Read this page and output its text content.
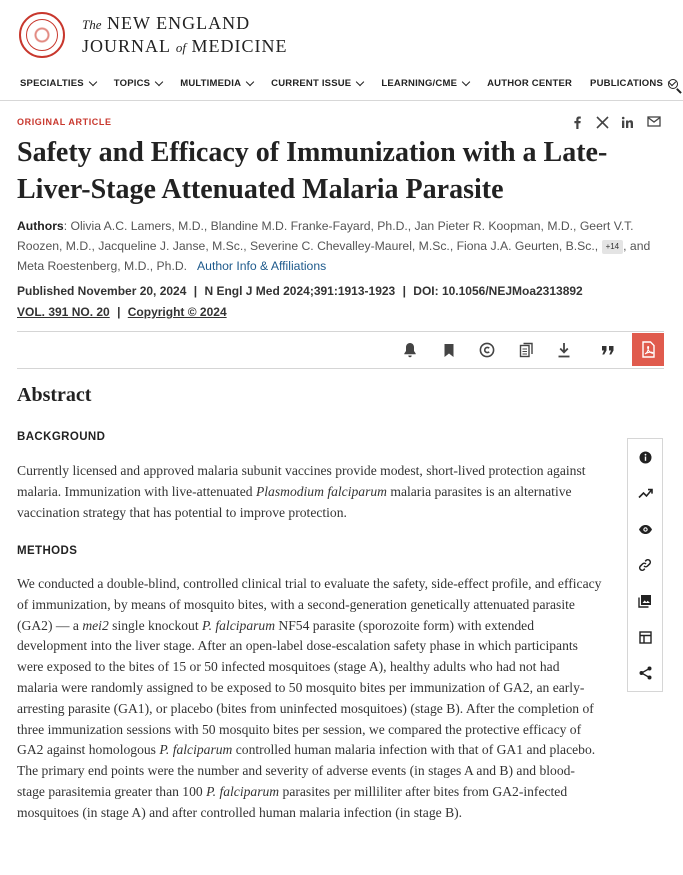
The NEW ENGLAND
JOURNAL of MEDICINE
SPECIALTIES	TOPICS	MULTIMEDIA	CURRENT ISSUE	LEARNING/CME	AUTHOR CENTER PUBLICATIONS
ORIGINAL ARTICLE
Safety and Efficacy of Immunization with a Late-Liver-Stage Attenuated Malaria Parasite
Authors: Olivia A.C. Lamers, M.D., Blandine M.D. Franke-Fayard, Ph.D., Jan Pieter R. Koopman, M.D., Geert V.T. Roozen, M.D., Jacqueline J. Janse, M.Sc., Severine C. Chevalley-Maurel, M.Sc., Fiona J.A. Geurten, B.Sc., +14 , and Meta Roestenberg, M.D., Ph.D. Author Info & Affiliations
Published November 20, 2024 | N Engl J Med 2024;391:1913-1923 | DOI: 10.1056/NEJMoa2313892
VOL. 391 NO. 20 | Copyright © 2024
Abstract
BACKGROUND
Currently licensed and approved malaria subunit vaccines provide modest, short-lived protection against malaria. Immunization with live-attenuated Plasmodium falciparum malaria parasites is an alternative vaccination strategy that has potential to improve protection.
METHODS
We conducted a double-blind, controlled clinical trial to evaluate the safety, side-effect profile, and efficacy of immunization, by means of mosquito bites, with a second-generation genetically attenuated parasite (GA2) — a mei2 single knockout P. falciparum NF54 parasite (sporozoite form) with extended development into the liver stage. After an open-label dose-escalation safety phase in which participants were exposed to the bites of 15 or 50 infected mosquitoes (stage A), healthy adults who had not had malaria were randomly assigned to be exposed to 50 mosquito bites per immunization of GA2, an early-arresting parasite (GA1), or placebo (bites from uninfected mosquitoes) (stage B). After the completion of three immunization sessions with 50 mosquito bites per session, we compared the protective efficacy of GA2 against homologous P. falciparum controlled human malaria infection with that of GA1 and placebo. The primary end points were the number and severity of adverse events (in stages A and B) and blood-stage parasitemia greater than 100 P. falciparum parasites per milliliter after bites from GA2-infected mosquitoes (in stage A) and after controlled human malaria infection (in stage B).
